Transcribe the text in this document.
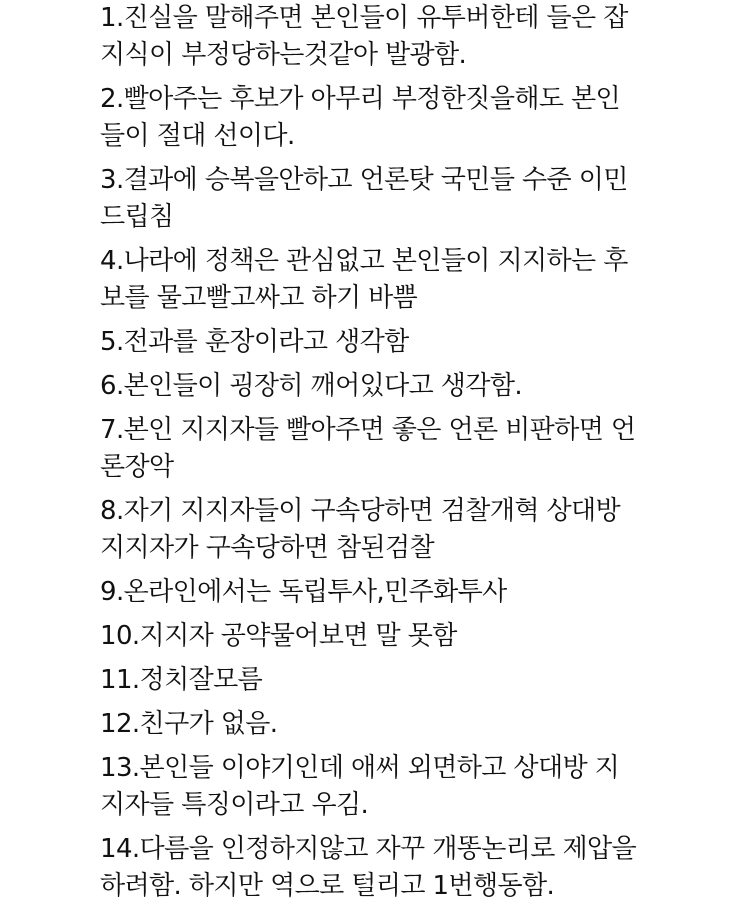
1.진실을 말해주면 본인들이 유투버한테 들은 잡
지식이 부정당하는것같아 발광함.
2.빨아주는 후보가 아무리 부정한짓을해도 본인
들이 절대 선이다.
3.결과에 승복을안하고 언론탓 국민들 수준 이민
드립침
4.나라에 정책은 관심없고 본인들이 지지하는 후
보를 물고빨고싸고 하기 바쁨
5.전과를 훈장이라고 생각함
6.본인들이 굉장히 깨어있다고 생각함.
7.본인 지지자들 빨아주면 좋은 언론 비판하면 언
론장악
8.자기 지지자들이 구속당하면 검찰개혁 상대방
지지자가 구속당하면 참된검찰
9.온라인에서는 독립투사,민주화투사
10.지지자 공약물어보면 말 못함
11.정치잘모름
12.친구가 없음.
13.본인들 이야기인데 애써 외면하고 상대방 지
지자들 특징이라고 우김.
14.다름을 인정하지않고 자꾸 개똥논리로 제압을
하려함. 하지만 역으로 털리고 1번행동함.
